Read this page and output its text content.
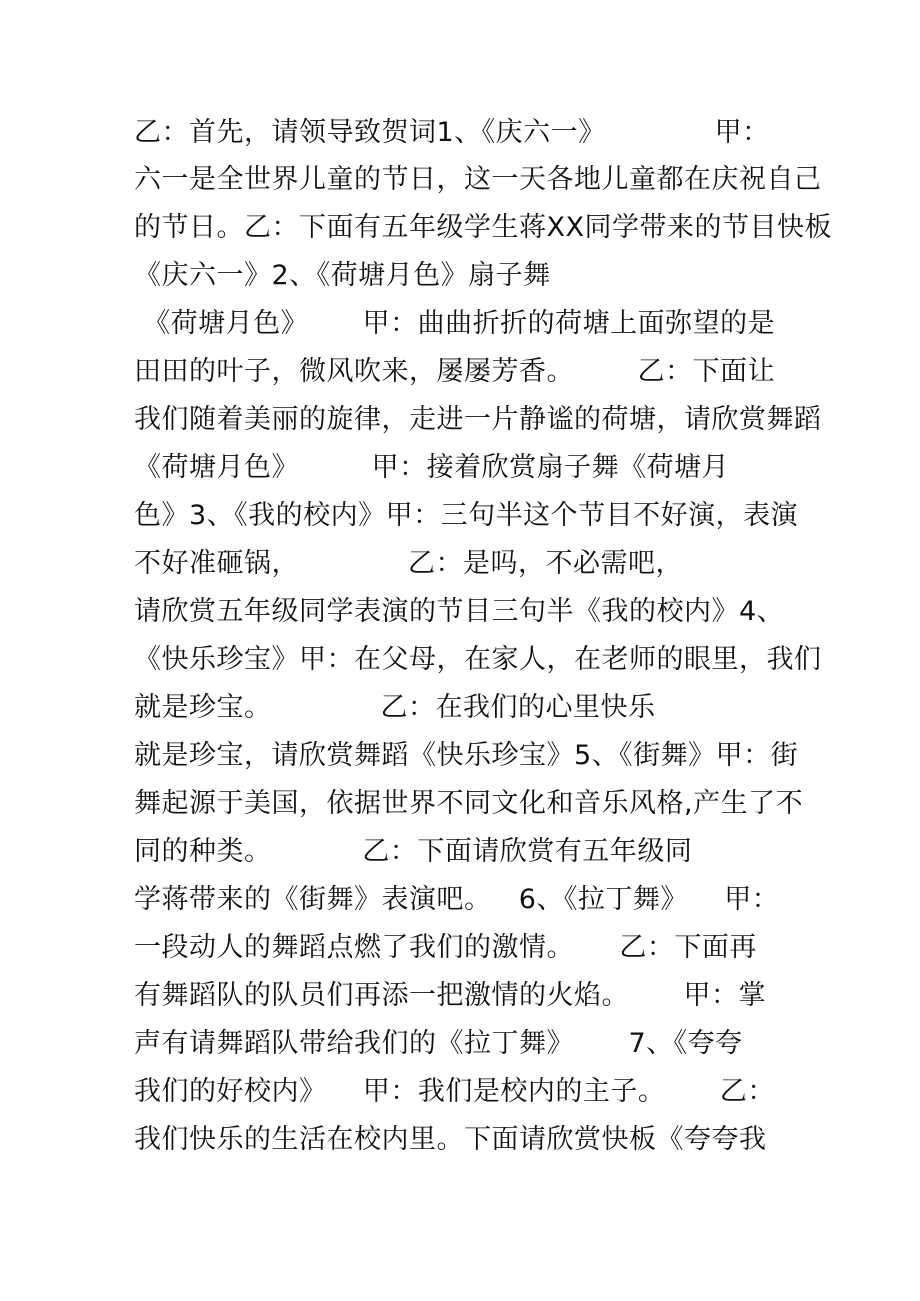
乙：首先，请领导致贺词1、《庆六一》            甲：
六一是全世界儿童的节日，这一天各地儿童都在庆祝自己
的节日。乙：下面有五年级学生蒋XX同学带来的节目快板
《庆六一》2、《荷塘月色》扇子舞
《荷塘月色》      甲：曲曲折折的荷塘上面弥望的是
田田的叶子，微风吹来，屡屡芳香。       乙：下面让
我们随着美丽的旋律，走进一片静谧的荷塘，请欣赏舞蹈
《荷塘月色》        甲：接着欣赏扇子舞《荷塘月
色》3、《我的校内》甲：三句半这个节目不好演，表演
不好准砸锅，            乙：是吗，不必需吧，
请欣赏五年级同学表演的节目三句半《我的校内》4、
《快乐珍宝》甲：在父母，在家人，在老师的眼里，我们
就是珍宝。            乙：在我们的心里快乐
就是珍宝，请欣赏舞蹈《快乐珍宝》5、《街舞》甲：街
舞起源于美国，依据世界不同文化和音乐风格,产生了不
同的种类。          乙：下面请欣赏有五年级同
学蒋带来的《街舞》表演吧。   6、《拉丁舞》    甲：
一段动人的舞蹈点燃了我们的激情。     乙：下面再
有舞蹈队的队员们再添一把激情的火焰。      甲：掌
声有请舞蹈队带给我们的《拉丁舞》      7、《夸夸
我们的好校内》    甲：我们是校内的主子。      乙：
我们快乐的生活在校内里。下面请欣赏快板《夸夸我
